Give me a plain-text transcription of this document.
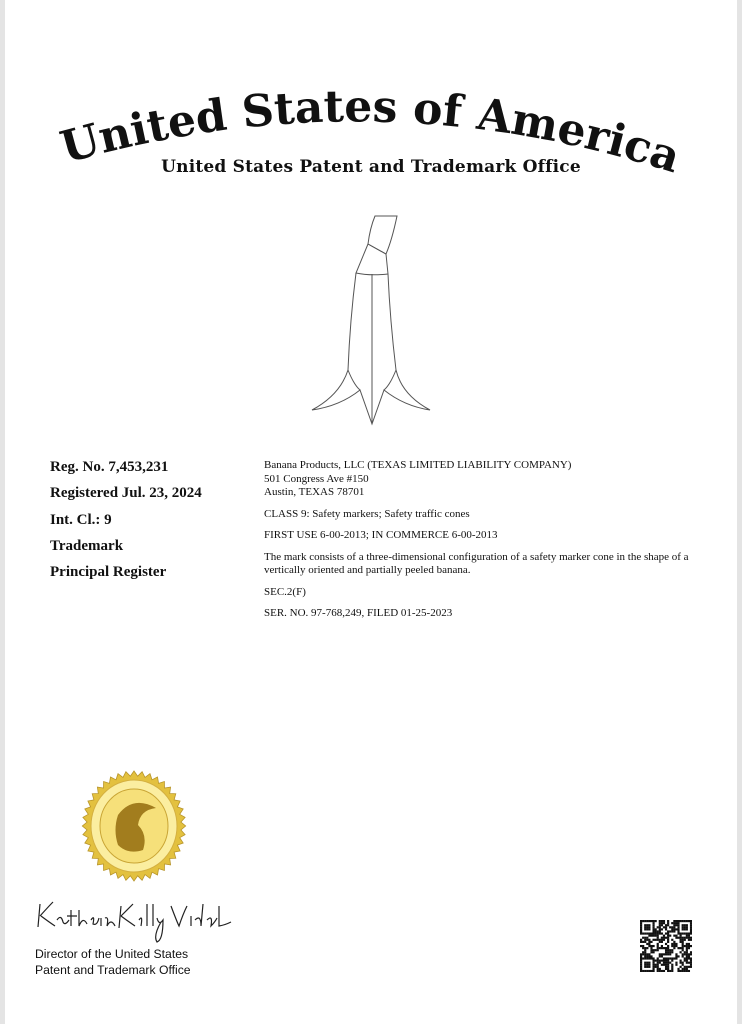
United States of America
United States Patent and Trademark Office
Reg. No. 7,453,231
Registered Jul. 23, 2024
Int. Cl.: 9
Trademark
Principal Register

Banana Products, LLC (TEXAS LIMITED LIABILITY COMPANY)
501 Congress Ave #150
Austin, TEXAS 78701

CLASS 9: Safety markers; Safety traffic cones

FIRST USE 6-00-2013; IN COMMERCE 6-00-2013

The mark consists of a three-dimensional configuration of a safety marker cone in the shape of a vertically oriented and partially peeled banana.

SEC.2(F)

SER. NO. 97-768,249, FILED 01-25-2023

Director of the United States
Patent and Trademark Office
